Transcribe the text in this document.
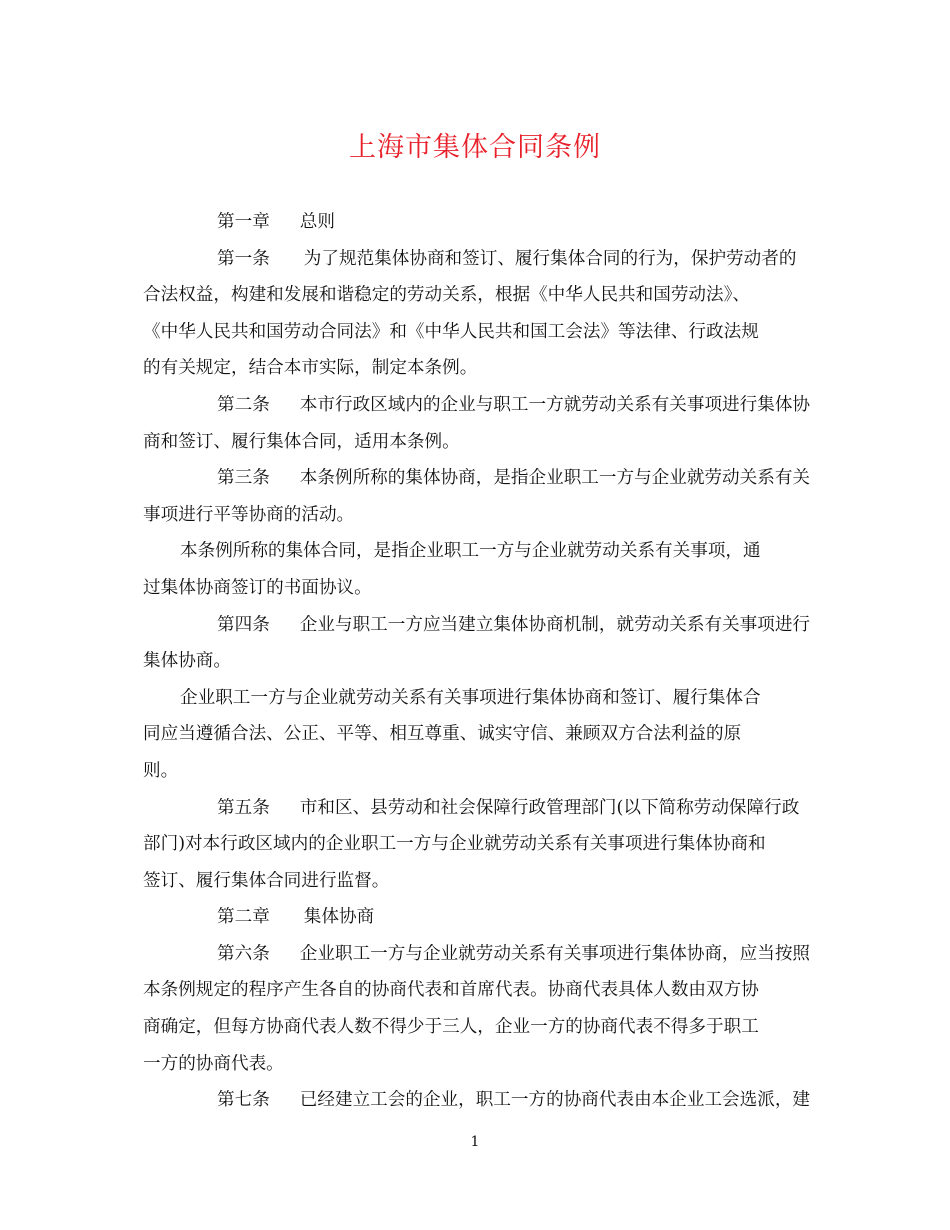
上海市集体合同条例
第一章 总则
第一条 为了规范集体协商和签订、履行集体合同的行为，保护劳动者的
合法权益，构建和发展和谐稳定的劳动关系，根据《中华人民共和国劳动法》、
《中华人民共和国劳动合同法》和《中华人民共和国工会法》等法律、行政法规
的有关规定，结合本市实际，制定本条例。
第二条 本市行政区域内的企业与职工一方就劳动关系有关事项进行集体协
商和签订、履行集体合同，适用本条例。
第三条 本条例所称的集体协商，是指企业职工一方与企业就劳动关系有关
事项进行平等协商的活动。
本条例所称的集体合同，是指企业职工一方与企业就劳动关系有关事项，通
过集体协商签订的书面协议。
第四条 企业与职工一方应当建立集体协商机制，就劳动关系有关事项进行
集体协商。
企业职工一方与企业就劳动关系有关事项进行集体协商和签订、履行集体合
同应当遵循合法、公正、平等、相互尊重、诚实守信、兼顾双方合法利益的原
则。
第五条 市和区、县劳动和社会保障行政管理部门(以下简称劳动保障行政
部门)对本行政区域内的企业职工一方与企业就劳动关系有关事项进行集体协商和
签订、履行集体合同进行监督。
第二章 集体协商
第六条 企业职工一方与企业就劳动关系有关事项进行集体协商，应当按照
本条例规定的程序产生各自的协商代表和首席代表。协商代表具体人数由双方协
商确定，但每方协商代表人数不得少于三人，企业一方的协商代表不得多于职工
一方的协商代表。
第七条 已经建立工会的企业，职工一方的协商代表由本企业工会选派，建
1
